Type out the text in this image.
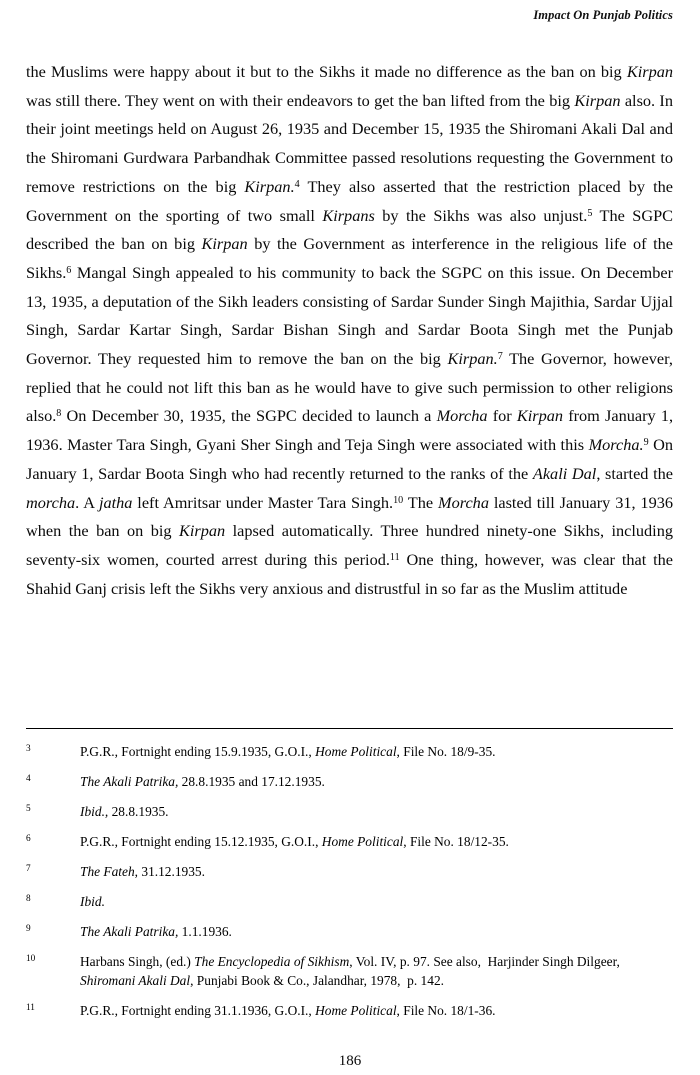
Impact On Punjab Politics

the Muslims were happy about it but to the Sikhs it made no difference as the ban on big Kirpan was still there. They went on with their endeavors to get the ban lifted from the big Kirpan also. In their joint meetings held on August 26, 1935 and December 15, 1935 the Shiromani Akali Dal and the Shiromani Gurdwara Parbandhak Committee passed resolutions requesting the Government to remove restrictions on the big Kirpan.$^4$ They also asserted that the restriction placed by the Government on the sporting of two small Kirpans by the Sikhs was also unjust.$^5$ The SGPC described the ban on big Kirpan by the Government as interference in the religious life of the Sikhs.$^6$ Mangal Singh appealed to his community to back the SGPC on this issue. On December 13, 1935, a deputation of the Sikh leaders consisting of Sardar Sunder Singh Majithia, Sardar Ujjal Singh, Sardar Kartar Singh, Sardar Bishan Singh and Sardar Boota Singh met the Punjab Governor. They requested him to remove the ban on the big Kirpan.$^7$ The Governor, however, replied that he could not lift this ban as he would have to give such permission to other religions also.$^8$ On December 30, 1935, the SGPC decided to launch a Morcha for Kirpan from January 1, 1936. Master Tara Singh, Gyani Sher Singh and Teja Singh were associated with this Morcha.$^9$ On January 1, Sardar Boota Singh who had recently returned to the ranks of the Akali Dal, started the morcha. A jatha left Amritsar under Master Tara Singh.$^{10}$ The Morcha lasted till January 31, 1936 when the ban on big Kirpan lapsed automatically. Three hundred ninety-one Sikhs, including seventy-six women, courted arrest during this period.$^{11}$ One thing, however, was clear that the Shahid Ganj crisis left the Sikhs very anxious and distrustful in so far as the Muslim attitude

3	P.G.R., Fortnight ending 15.9.1935, G.O.I., Home Political, File No. 18/9-35.
4	The Akali Patrika, 28.8.1935 and 17.12.1935.
5	Ibid., 28.8.1935.
6	P.G.R., Fortnight ending 15.12.1935, G.O.I., Home Political, File No. 18/12-35.
7	The Fateh, 31.12.1935.
8	Ibid.
9	The Akali Patrika, 1.1.1936.
10	Harbans Singh, (ed.) The Encyclopedia of Sikhism, Vol. IV, p. 97. See also,  Harjinder Singh Dilgeer, Shiromani Akali Dal, Punjabi Book & Co., Jalandhar, 1978,  p. 142.
11	P.G.R., Fortnight ending 31.1.1936, G.O.I., Home Political, File No. 18/1-36.
186
